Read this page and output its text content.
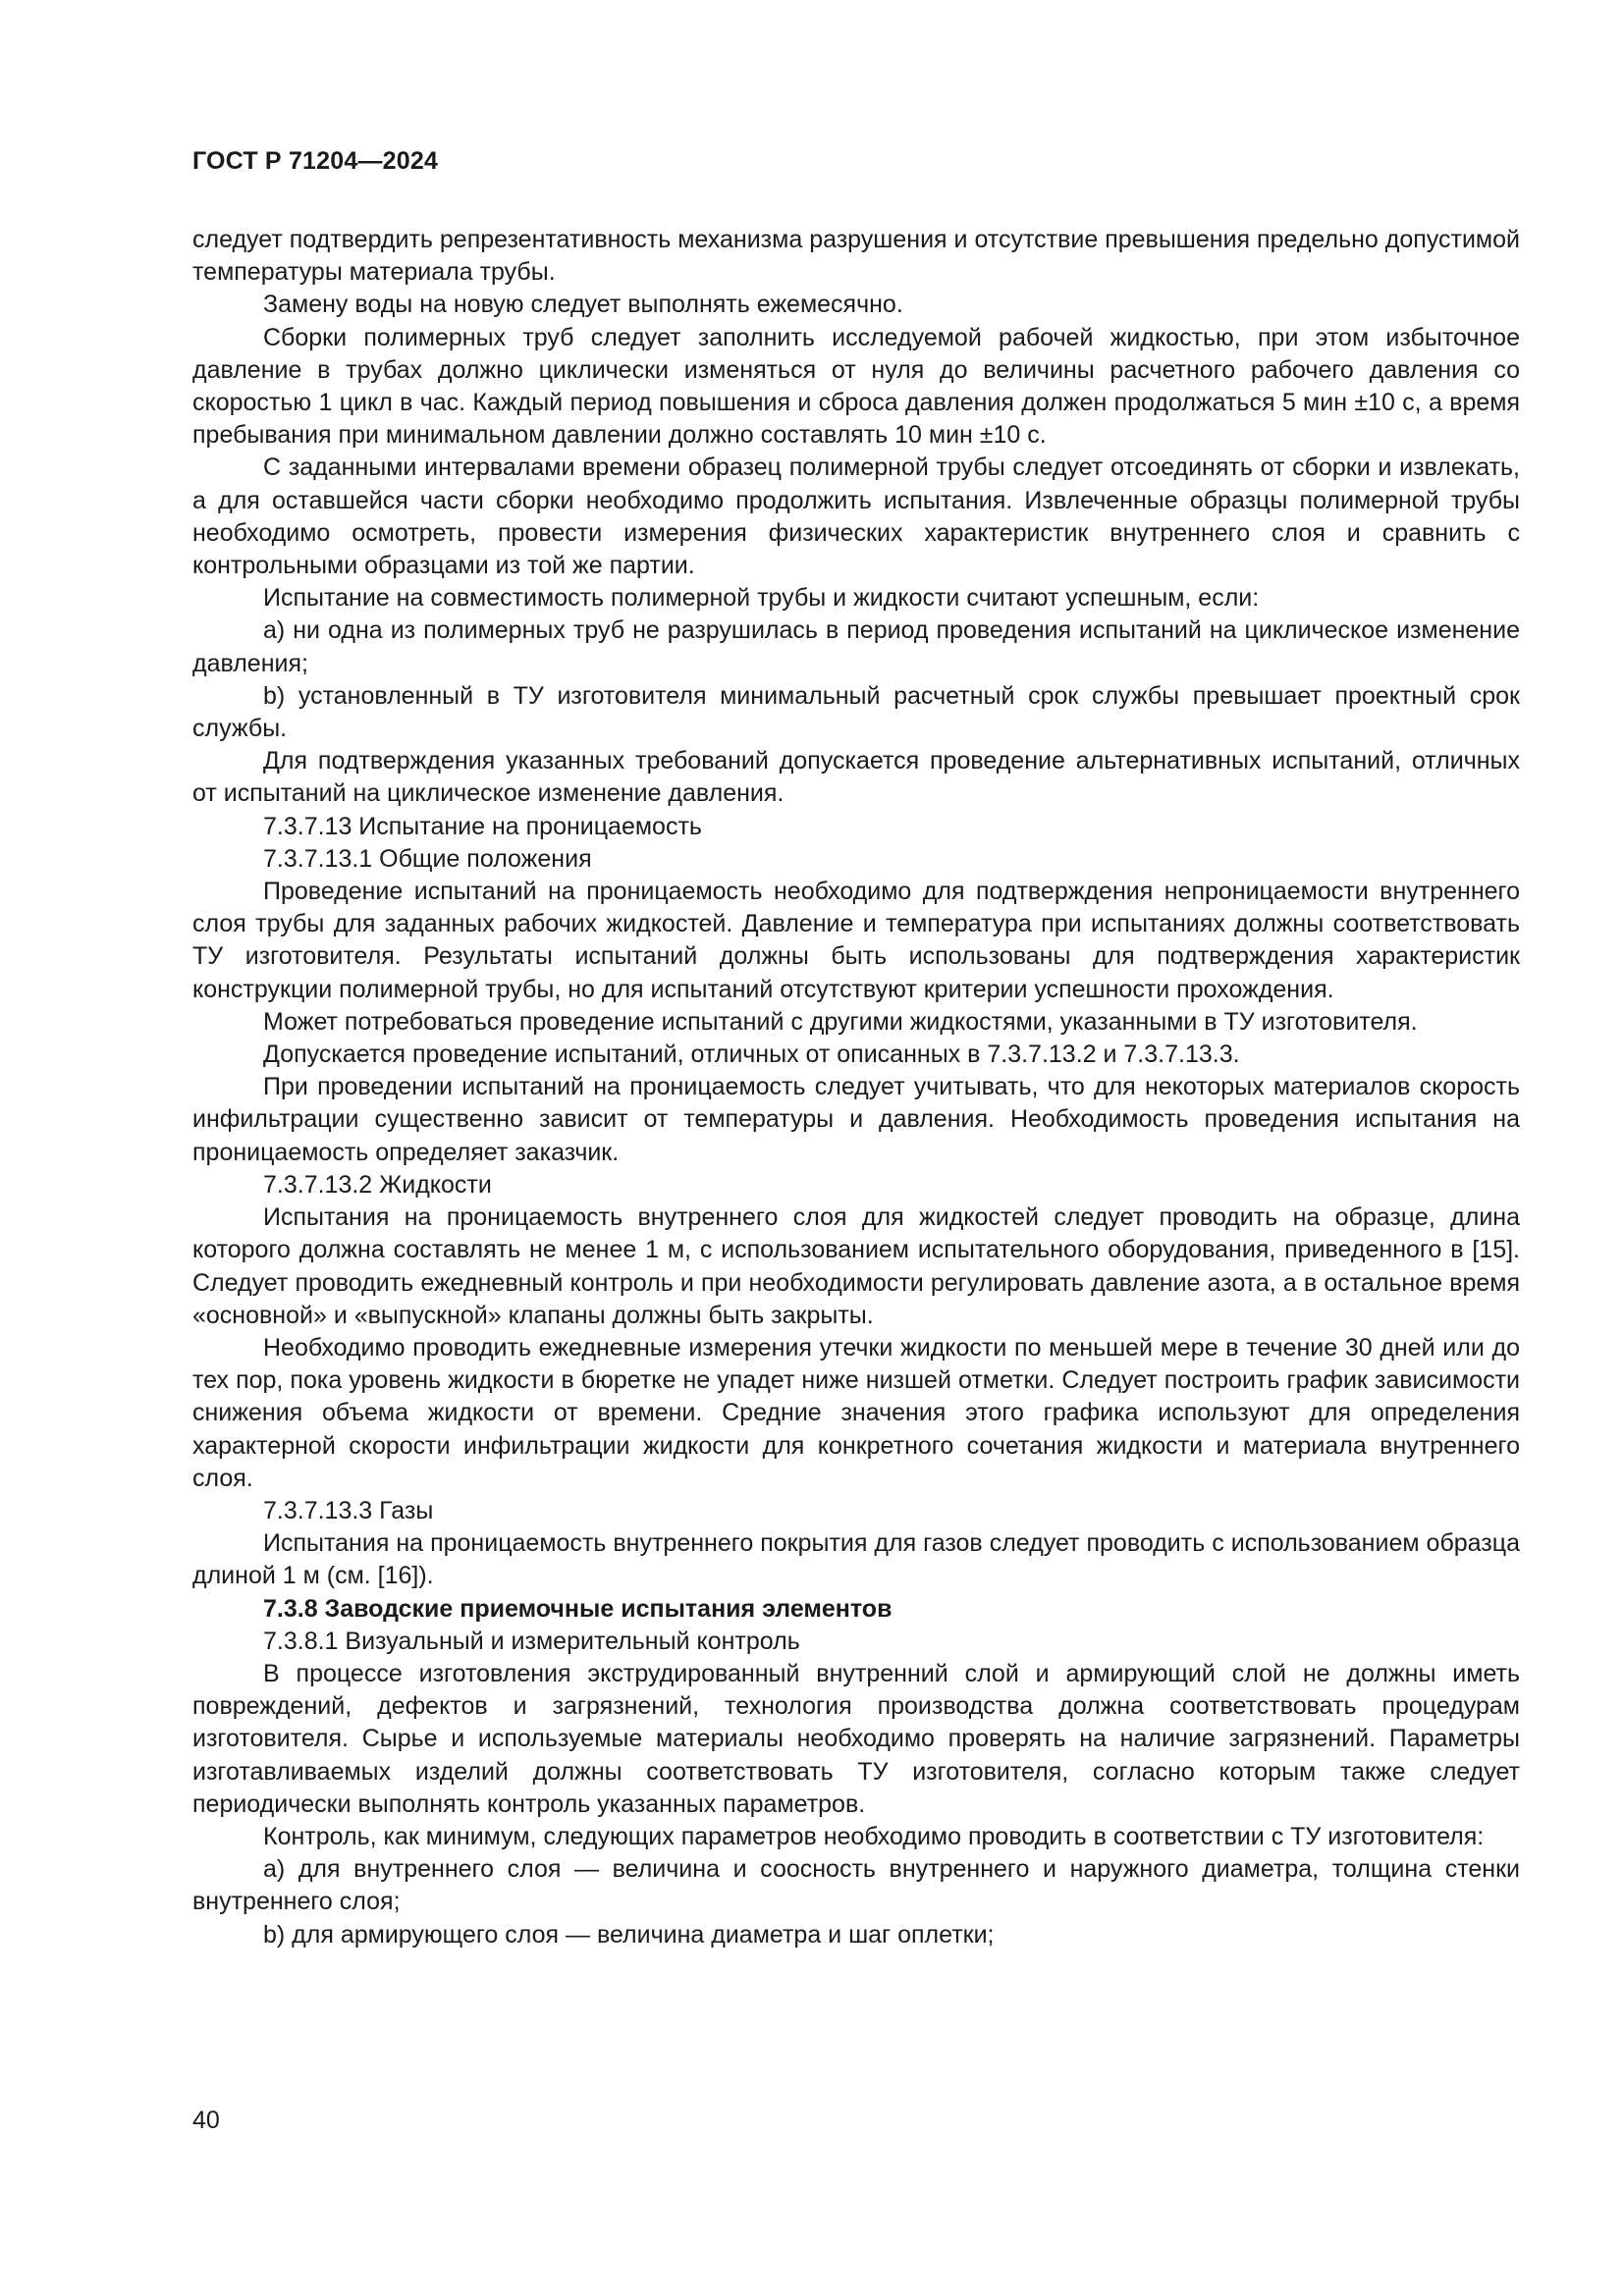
ГОСТ Р 71204—2024

следует подтвердить репрезентативность механизма разрушения и отсутствие превышения предельно допустимой температуры материала трубы.

Замену воды на новую следует выполнять ежемесячно.

Сборки полимерных труб следует заполнить исследуемой рабочей жидкостью, при этом избыточное давление в трубах должно циклически изменяться от нуля до величины расчетного рабочего давления со скоростью 1 цикл в час. Каждый период повышения и сброса давления должен продолжаться 5 мин ±10 с, а время пребывания при минимальном давлении должно составлять 10 мин ±10 с.

С заданными интервалами времени образец полимерной трубы следует отсоединять от сборки и извлекать, а для оставшейся части сборки необходимо продолжить испытания. Извлеченные образцы полимерной трубы необходимо осмотреть, провести измерения физических характеристик внутреннего слоя и сравнить с контрольными образцами из той же партии.

Испытание на совместимость полимерной трубы и жидкости считают успешным, если:

a) ни одна из полимерных труб не разрушилась в период проведения испытаний на циклическое изменение давления;

b) установленный в ТУ изготовителя минимальный расчетный срок службы превышает проектный срок службы.

Для подтверждения указанных требований допускается проведение альтернативных испытаний, отличных от испытаний на циклическое изменение давления.

7.3.7.13 Испытание на проницаемость

7.3.7.13.1 Общие положения

Проведение испытаний на проницаемость необходимо для подтверждения непроницаемости внутреннего слоя трубы для заданных рабочих жидкостей. Давление и температура при испытаниях должны соответствовать ТУ изготовителя. Результаты испытаний должны быть использованы для подтверждения характеристик конструкции полимерной трубы, но для испытаний отсутствуют критерии успешности прохождения.

Может потребоваться проведение испытаний с другими жидкостями, указанными в ТУ изготовителя.

Допускается проведение испытаний, отличных от описанных в 7.3.7.13.2 и 7.3.7.13.3.

При проведении испытаний на проницаемость следует учитывать, что для некоторых материалов скорость инфильтрации существенно зависит от температуры и давления. Необходимость проведения испытания на проницаемость определяет заказчик.

7.3.7.13.2 Жидкости

Испытания на проницаемость внутреннего слоя для жидкостей следует проводить на образце, длина которого должна составлять не менее 1 м, с использованием испытательного оборудования, приведенного в [15]. Следует проводить ежедневный контроль и при необходимости регулировать давление азота, а в остальное время «основной» и «выпускной» клапаны должны быть закрыты.

Необходимо проводить ежедневные измерения утечки жидкости по меньшей мере в течение 30 дней или до тех пор, пока уровень жидкости в бюретке не упадет ниже низшей отметки. Следует построить график зависимости снижения объема жидкости от времени. Средние значения этого графика используют для определения характерной скорости инфильтрации жидкости для конкретного сочетания жидкости и материала внутреннего слоя.

7.3.7.13.3 Газы

Испытания на проницаемость внутреннего покрытия для газов следует проводить с использованием образца длиной 1 м (см. [16]).

7.3.8 Заводские приемочные испытания элементов

7.3.8.1 Визуальный и измерительный контроль

В процессе изготовления экструдированный внутренний слой и армирующий слой не должны иметь повреждений, дефектов и загрязнений, технология производства должна соответствовать процедурам изготовителя. Сырье и используемые материалы необходимо проверять на наличие загрязнений. Параметры изготавливаемых изделий должны соответствовать ТУ изготовителя, согласно которым также следует периодически выполнять контроль указанных параметров.

Контроль, как минимум, следующих параметров необходимо проводить в соответствии с ТУ изготовителя:

a) для внутреннего слоя — величина и соосность внутреннего и наружного диаметра, толщина стенки внутреннего слоя;

b) для армирующего слоя — величина диаметра и шаг оплетки;

40
